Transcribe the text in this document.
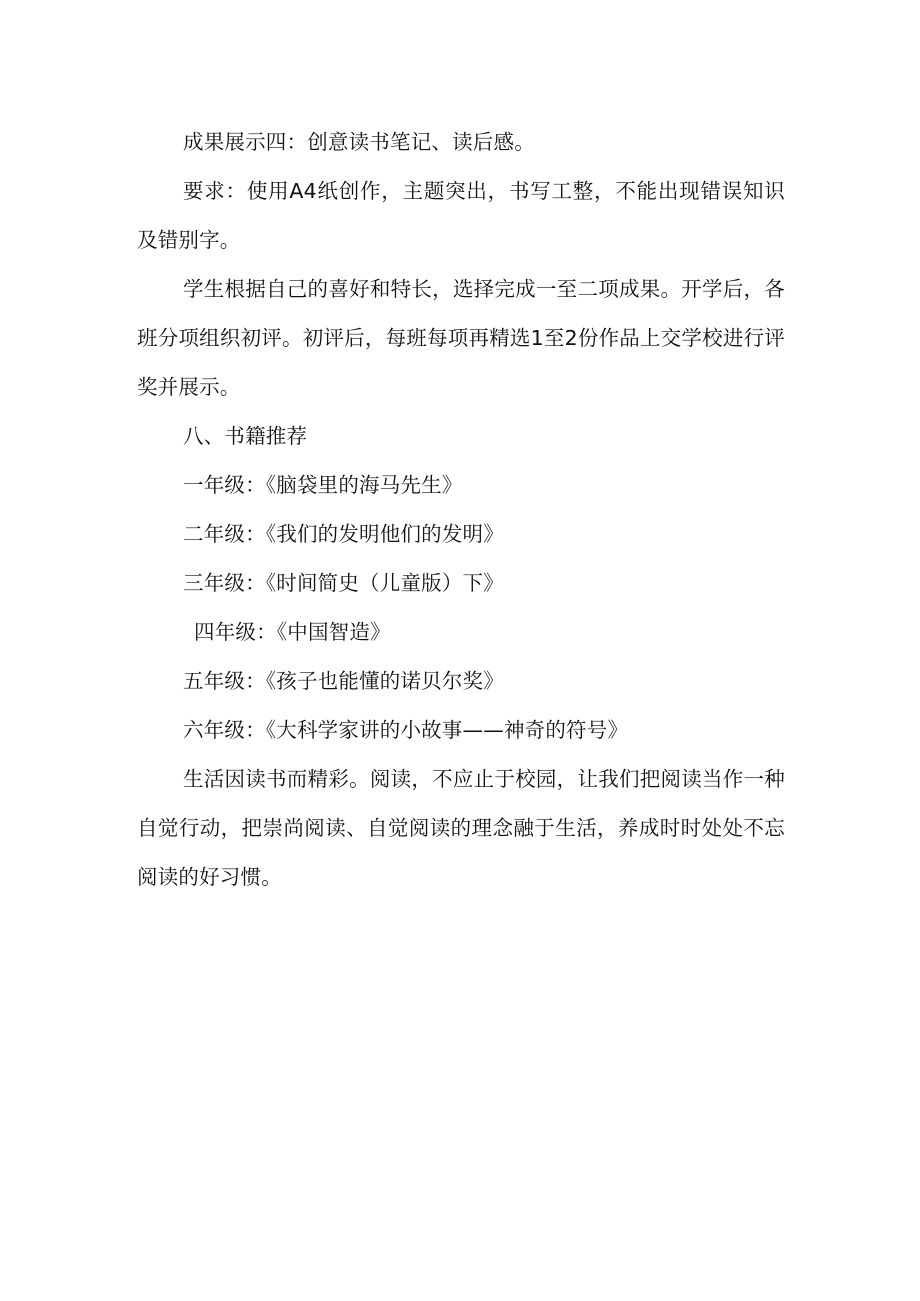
成果展示四：创意读书笔记、读后感。

要求：使用A4纸创作，主题突出，书写工整，不能出现错误知识及错别字。

学生根据自己的喜好和特长，选择完成一至二项成果。开学后，各班分项组织初评。初评后，每班每项再精选1至2份作品上交学校进行评奖并展示。

八、书籍推荐

一年级：《脑袋里的海马先生》

二年级：《我们的发明他们的发明》

三年级：《时间简史（儿童版）下》

四年级：《中国智造》

五年级：《孩子也能懂的诺贝尔奖》

六年级：《大科学家讲的小故事——神奇的符号》

生活因读书而精彩。阅读，不应止于校园，让我们把阅读当作一种自觉行动，把崇尚阅读、自觉阅读的理念融于生活，养成时时处处不忘阅读的好习惯。
